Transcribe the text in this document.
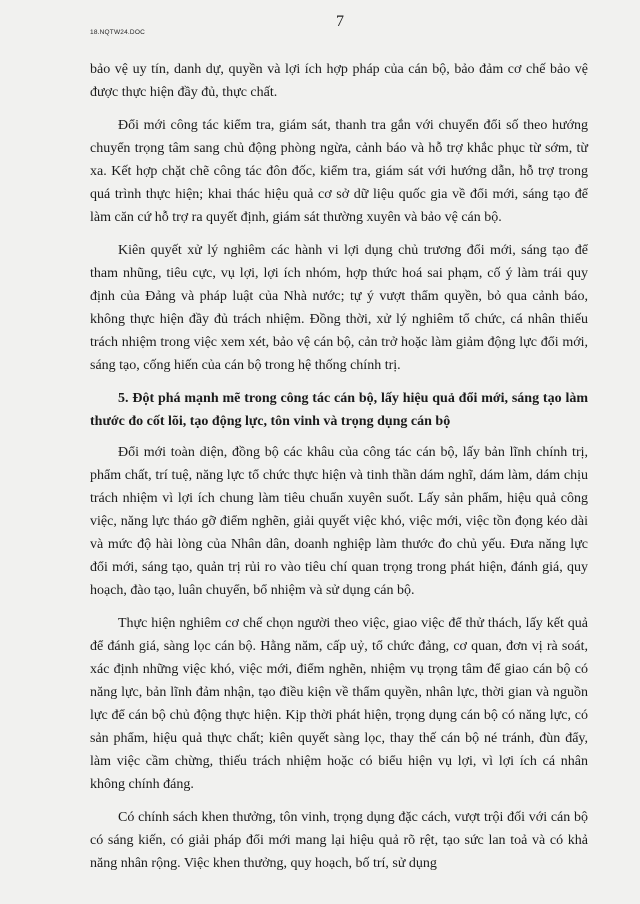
18.NQTW24.DOC
7

bảo vệ uy tín, danh dự, quyền và lợi ích hợp pháp của cán bộ, bảo đảm cơ chế bảo vệ được thực hiện đầy đủ, thực chất.

Đổi mới công tác kiểm tra, giám sát, thanh tra gắn với chuyển đổi số theo hướng chuyển trọng tâm sang chủ động phòng ngừa, cảnh báo và hỗ trợ khắc phục từ sớm, từ xa. Kết hợp chặt chẽ công tác đôn đốc, kiểm tra, giám sát với hướng dẫn, hỗ trợ trong quá trình thực hiện; khai thác hiệu quả cơ sở dữ liệu quốc gia về đổi mới, sáng tạo để làm căn cứ hỗ trợ ra quyết định, giám sát thường xuyên và bảo vệ cán bộ.

Kiên quyết xử lý nghiêm các hành vi lợi dụng chủ trương đổi mới, sáng tạo để tham nhũng, tiêu cực, vụ lợi, lợi ích nhóm, hợp thức hoá sai phạm, cố ý làm trái quy định của Đảng và pháp luật của Nhà nước; tự ý vượt thẩm quyền, bỏ qua cảnh báo, không thực hiện đầy đủ trách nhiệm. Đồng thời, xử lý nghiêm tổ chức, cá nhân thiếu trách nhiệm trong việc xem xét, bảo vệ cán bộ, cản trở hoặc làm giảm động lực đổi mới, sáng tạo, cống hiến của cán bộ trong hệ thống chính trị.

5. Đột phá mạnh mẽ trong công tác cán bộ, lấy hiệu quả đổi mới, sáng tạo làm thước đo cốt lõi, tạo động lực, tôn vinh và trọng dụng cán bộ

Đổi mới toàn diện, đồng bộ các khâu của công tác cán bộ, lấy bản lĩnh chính trị, phẩm chất, trí tuệ, năng lực tổ chức thực hiện và tinh thần dám nghĩ, dám làm, dám chịu trách nhiệm vì lợi ích chung làm tiêu chuẩn xuyên suốt. Lấy sản phẩm, hiệu quả công việc, năng lực tháo gỡ điểm nghẽn, giải quyết việc khó, việc mới, việc tồn đọng kéo dài và mức độ hài lòng của Nhân dân, doanh nghiệp làm thước đo chủ yếu. Đưa năng lực đổi mới, sáng tạo, quản trị rủi ro vào tiêu chí quan trọng trong phát hiện, đánh giá, quy hoạch, đào tạo, luân chuyển, bổ nhiệm và sử dụng cán bộ.

Thực hiện nghiêm cơ chế chọn người theo việc, giao việc để thử thách, lấy kết quả để đánh giá, sàng lọc cán bộ. Hằng năm, cấp uỷ, tổ chức đảng, cơ quan, đơn vị rà soát, xác định những việc khó, việc mới, điểm nghẽn, nhiệm vụ trọng tâm để giao cán bộ có năng lực, bản lĩnh đảm nhận, tạo điều kiện về thẩm quyền, nhân lực, thời gian và nguồn lực để cán bộ chủ động thực hiện. Kịp thời phát hiện, trọng dụng cán bộ có năng lực, có sản phẩm, hiệu quả thực chất; kiên quyết sàng lọc, thay thế cán bộ né tránh, đùn đẩy, làm việc cầm chừng, thiếu trách nhiệm hoặc có biểu hiện vụ lợi, vì lợi ích cá nhân không chính đáng.

Có chính sách khen thưởng, tôn vinh, trọng dụng đặc cách, vượt trội đối với cán bộ có sáng kiến, có giải pháp đổi mới mang lại hiệu quả rõ rệt, tạo sức lan toả và có khả năng nhân rộng. Việc khen thưởng, quy hoạch, bố trí, sử dụng
